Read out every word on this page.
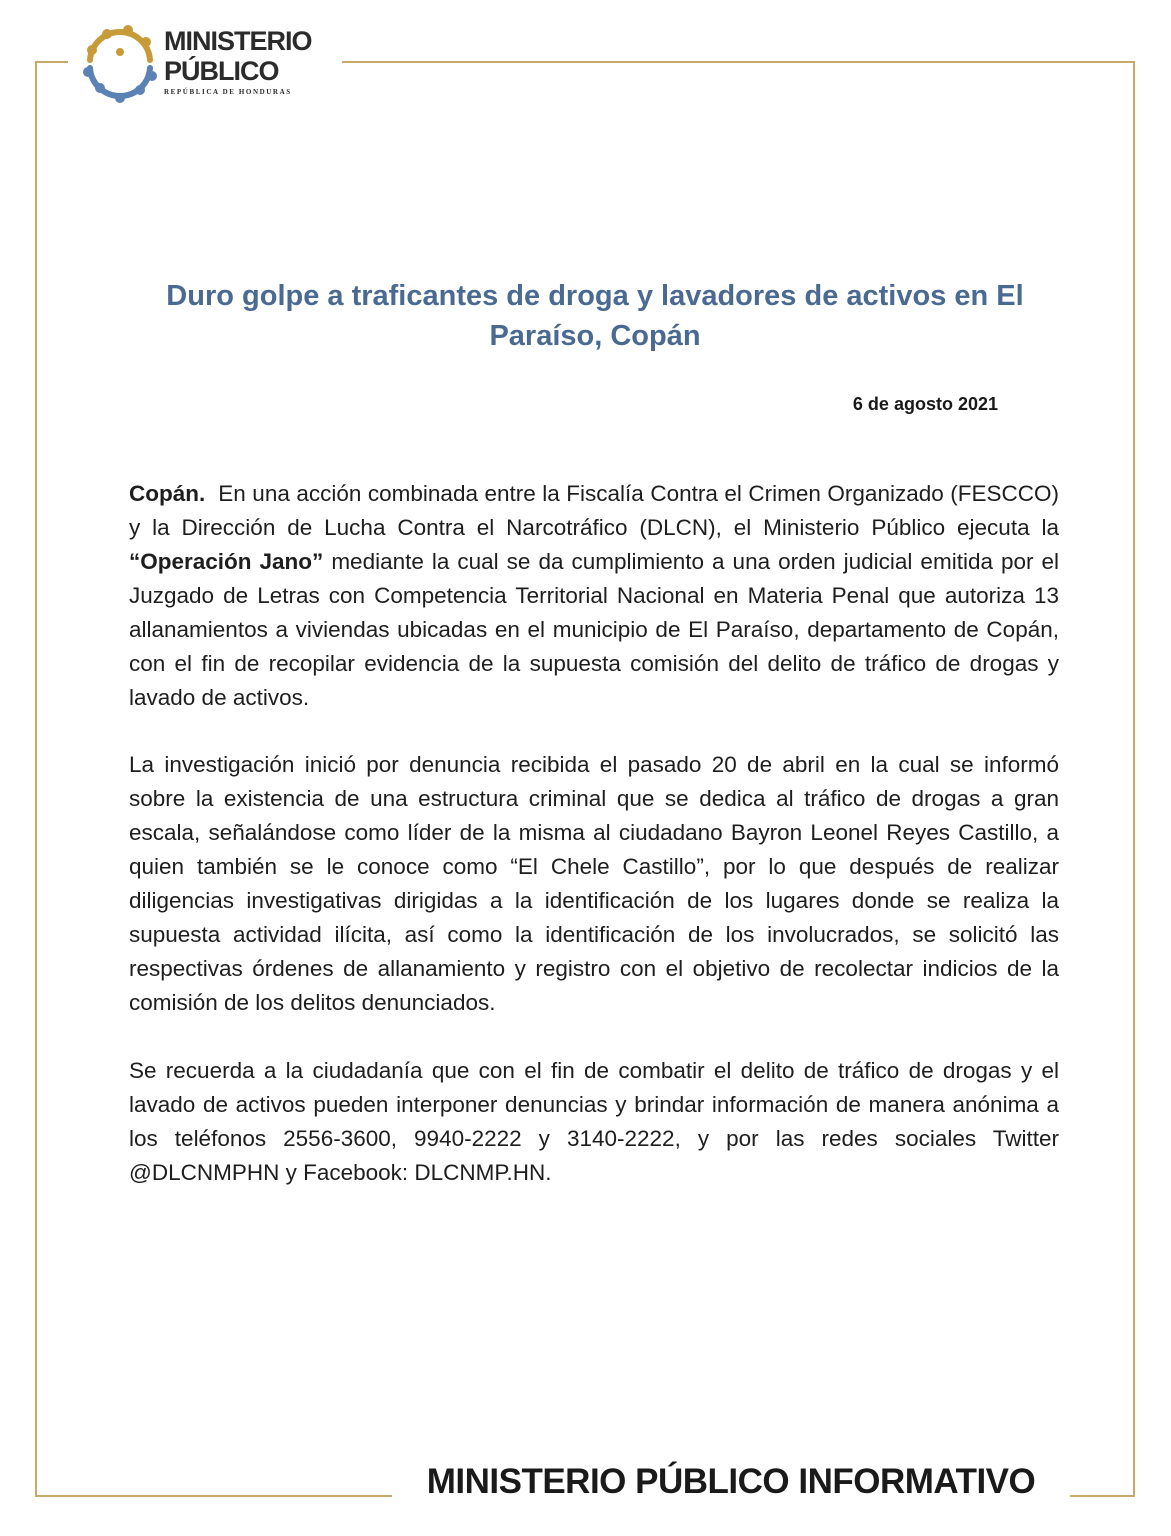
MINISTERIO
PÚBLICO
REPÚBLICA DE HONDURAS
Duro golpe a traficantes de droga y lavadores de activos en El Paraíso, Copán
6 de agosto 2021

Copán.  En una acción combinada entre la Fiscalía Contra el Crimen Organizado (FESCCO) y la Dirección de Lucha Contra el Narcotráfico (DLCN), el Ministerio Público ejecuta la “Operación Jano” mediante la cual se da cumplimiento a una orden judicial emitida por el Juzgado de Letras con Competencia Territorial Nacional en Materia Penal que autoriza 13 allanamientos a viviendas ubicadas en el municipio de El Paraíso, departamento de Copán, con el fin de recopilar evidencia de la supuesta comisión del delito de tráfico de drogas y lavado de activos.

La investigación inició por denuncia recibida el pasado 20 de abril en la cual se informó sobre la existencia de una estructura criminal que se dedica al tráfico de drogas a gran escala, señalándose como líder de la misma al ciudadano Bayron Leonel Reyes Castillo, a quien también se le conoce como “El Chele Castillo”, por lo que después de realizar diligencias investigativas dirigidas a la identificación de los lugares donde se realiza la supuesta actividad ilícita, así como la identificación de los involucrados, se solicitó las respectivas órdenes de allanamiento y registro con el objetivo de recolectar indicios de la comisión de los delitos denunciados.

Se recuerda a la ciudadanía que con el fin de combatir el delito de tráfico de drogas y el lavado de activos pueden interponer denuncias y brindar información de manera anónima a los teléfonos 2556-3600, 9940-2222 y 3140-2222, y por las redes sociales Twitter @DLCNMPHN y Facebook: DLCNMP.HN.

MINISTERIO PÚBLICO INFORMATIVO
